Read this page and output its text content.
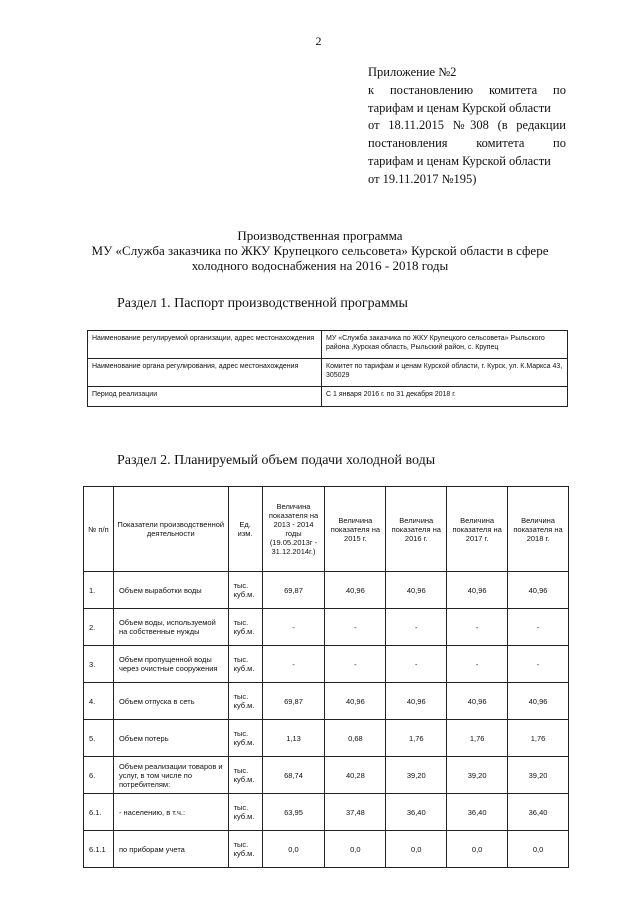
2
Приложение №2
к постановлению комитета по
тарифам и ценам Курской области
от 18.11.2015 №308 (в редакции
постановления комитета по
тарифам и ценам Курской области
от 19.11.2017 №195)
Производственная программа
МУ «Служба заказчика по ЖКУ Крупецкого сельсовета» Курской области в сфере
холодного водоснабжения на 2016 - 2018 годы
Раздел 1. Паспорт производственной программы
Наименование регулируемой организации, адрес местонахождения	МУ «Служба заказчика по ЖКУ Крупецкого сельсовета» Рыльского района ,Курская область, Рыльский район, с. Крупец
Наименование органа регулирования, адрес местонахождения	Комитет по тарифам и ценам Курской области, г. Курск, ул. К.Маркса 43, 305029
Период реализации	С 1 января 2016 г. по 31 декабря 2018 г.
Раздел 2. Планируемый объем подачи холодной воды
№ п/п	Показатели производственной деятельности	Ед. изм.	Величина показателя на 2013 - 2014 годы (19.05.2013г - 31.12.2014г.)	Величина показателя на 2015 г.	Величина показателя на 2016 г.	Величина показателя на 2017 г.	Величина показателя на 2018 г.
1.	Объем выработки воды	тыс. куб.м.	69,87	40,96	40,96	40,96	40,96
2.	Объем воды, используемой на собственные нужды	тыс. куб.м.	-	-	-	-	-
3.	Объем пропущенной воды через очистные сооружения	тыс. куб.м.	-	-	-	-	-
4.	Объем отпуска в сеть	тыс. куб.м.	69,87	40,96	40,96	40,96	40,96
5.	Объем потерь	тыс. куб.м.	1,13	0,68	1,76	1,76	1,76
6.	Объем реализации товаров и услуг, в том числе по потребителям:	тыс. куб.м.	68,74	40,28	39,20	39,20	39,20
6.1.	- населению, в т.ч.:	тыс. куб.м.	63,95	37,48	36,40	36,40	36,40
6.1.1	по приборам учета	тыс. куб.м.	0,0	0,0	0,0	0,0	0,0
